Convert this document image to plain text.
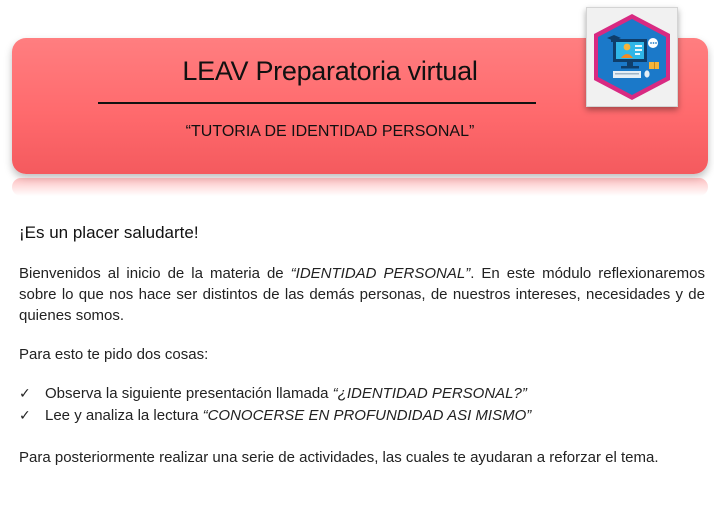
LEAV Preparatoria virtual
“TUTORIA DE IDENTIDAD PERSONAL”

¡Es un placer saludarte!

Bienvenidos al inicio de la materia de “IDENTIDAD PERSONAL”. En este módulo reflexionaremos sobre lo que nos hace ser distintos de las demás personas, de nuestros intereses, necesidades y de quienes somos.

Para esto te pido dos cosas:

✓ Observa la siguiente presentación llamada “¿IDENTIDAD PERSONAL?”
✓ Lee y analiza la lectura “CONOCERSE EN PROFUNDIDAD ASI MISMO”

Para posteriormente realizar una serie de actividades, las cuales te ayudaran a reforzar el tema.
